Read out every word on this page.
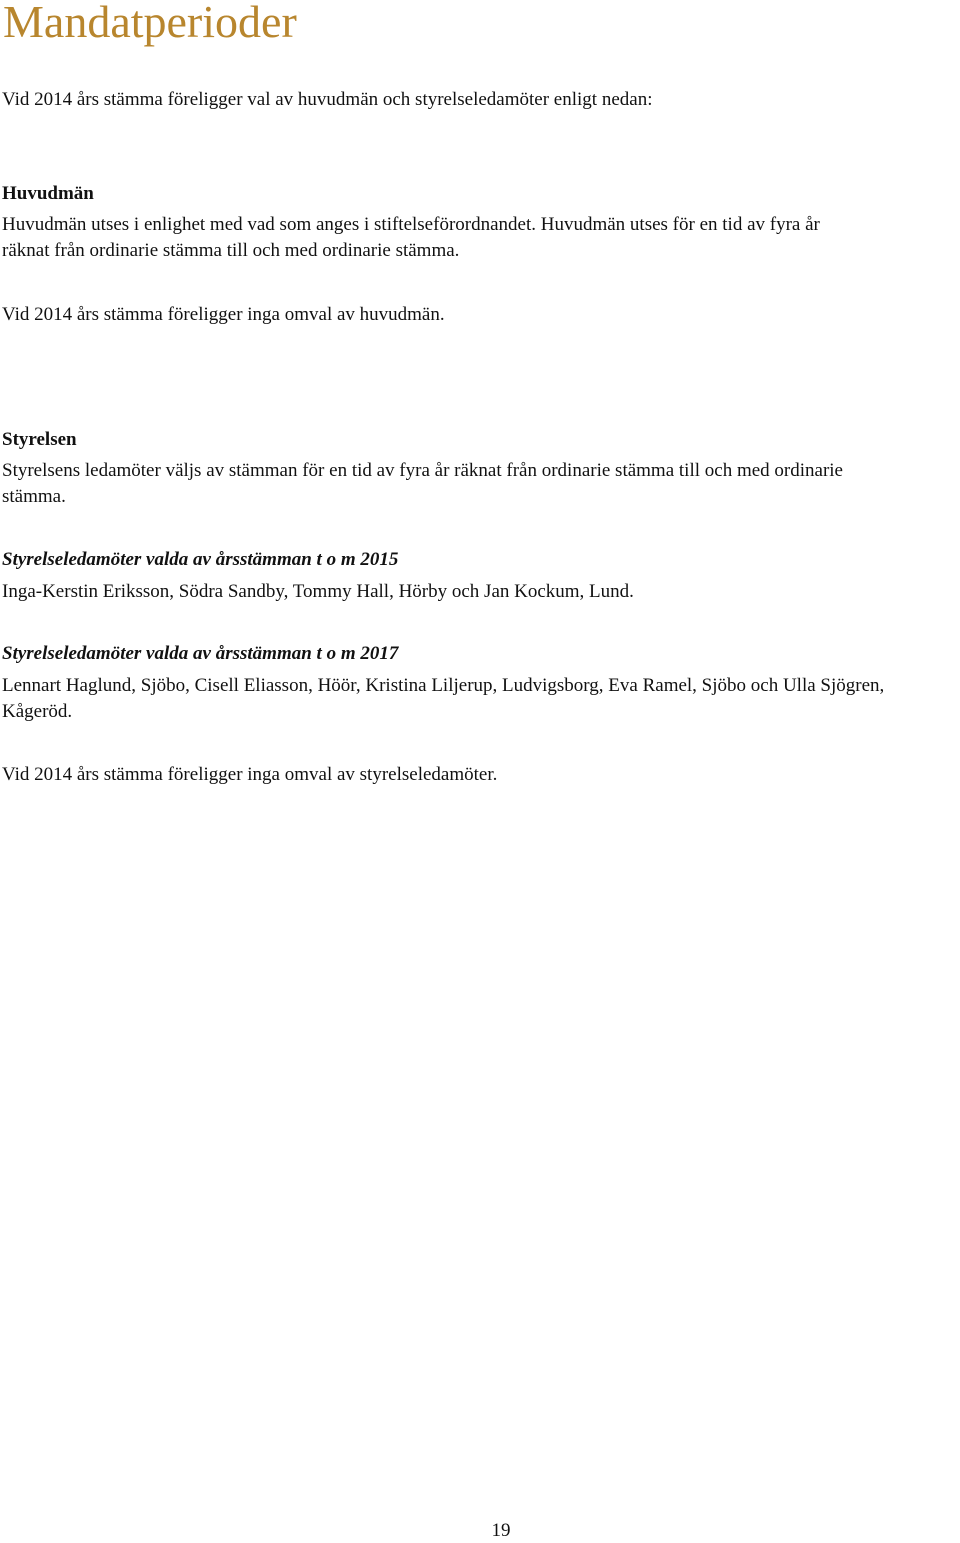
Mandatperioder

Vid 2014 års stämma föreligger val av huvudmän och styrelseledamöter enligt nedan:

Huvudmän

Huvudmän utses i enlighet med vad som anges i stiftelseförordnandet. Huvudmän utses för en tid av fyra år

räknat från ordinarie stämma till och med ordinarie stämma.

Vid 2014 års stämma föreligger inga omval av huvudmän.

Styrelsen

Styrelsens ledamöter väljs av stämman för en tid av fyra år räknat från ordinarie stämma till och med ordinarie

stämma.

Styrelseledamöter valda av årsstämman t o m 2015

Inga-Kerstin Eriksson, Södra Sandby, Tommy Hall, Hörby och Jan Kockum, Lund.

Styrelseledamöter valda av årsstämman t o m 2017

Lennart Haglund, Sjöbo, Cisell Eliasson, Höör, Kristina Liljerup, Ludvigsborg, Eva Ramel, Sjöbo och Ulla Sjögren,

Kågeröd.

Vid 2014 års stämma föreligger inga omval av styrelseledamöter.

19
